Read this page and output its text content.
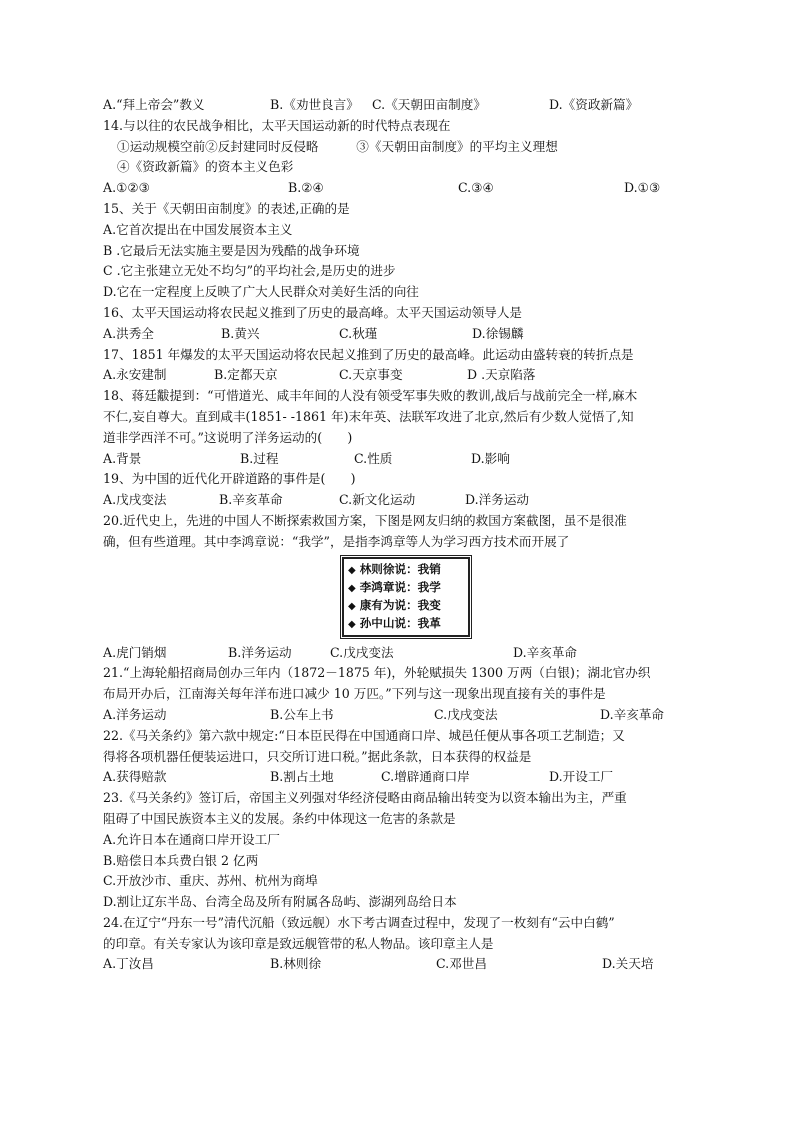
A.“拜上帝会”教义	B.《劝世良言》 C.《天朝田亩制度》	D.《资政新篇》
14.与以往的农民战争相比，太平天国运动新的时代特点表现在
①运动规模空前②反封建同时反侵略　　　③《天朝田亩制度》的平均主义理想
④《资政新篇》的资本主义色彩
A.①②③	B.②④	C.③④	D.①③
15、关于《天朝田亩制度》的表述,正确的是
A.它首次提出在中国发展资本主义
B .它最后无法实施主要是因为残酷的战争环境
C .它主张建立无处不均匀”的平均社会,是历史的进步
D.它在一定程度上反映了广大人民群众对美好生活的向往
16、太平天国运动将农民起义推到了历史的最高峰。太平天国运动领导人是
A.洪秀全	B.黄兴	C.秋瑾	D.徐锡麟
17、1851 年爆发的太平天国运动将农民起义推到了历史的最高峰。此运动由盛转衰的转折点是
A.永安建制	B.定都天京	C.天京事变	D .天京陷落
18、蒋廷黻提到：“可惜道光、咸丰年间的人没有领受军事失败的教训,战后与战前完全一样,麻木
不仁,妄自尊大。直到咸丰(1851- -1861 年)末年英、法联军攻进了北京,然后有少数人觉悟了,知
道非学西洋不可。”这说明了洋务运动的(　　)
A.背景	B.过程	C.性质	D.影响
19、为中国的近代化开辟道路的事件是(　　)
A.戊戌变法	B.辛亥革命	C.新文化运动	D.洋务运动
20.近代史上，先进的中国人不断探索救国方案，下图是网友归纳的救国方案截图，虽不是很准
确，但有些道理。其中李鸿章说：“我学”，是指李鸿章等人为学习西方技术而开展了
◆ 林则徐说：我销
◆ 李鸿章说：我学
◆ 康有为说：我变
◆ 孙中山说：我革
A.虎门销烟	B.洋务运动	C.戊戌变法	D.辛亥革命
21.“上海轮船招商局创办三年内（1872－1875 年)，外轮赋损失 1300 万两（白银)；湖北官办织
布局开办后，江南海关每年洋布进口减少 10 万匹。”下列与这一现象出现直接有关的事件是
A.洋务运动	B.公车上书	C.戊戌变法	D.辛亥革命
22.《马关条约》第六款中规定:“日本臣民得在中国通商口岸、城邑任便从事各项工艺制造；又
得将各项机器任便装运进口，只交所订进口税。”据此条款，日本获得的权益是
A.获得赔款	B.割占土地	C.增辟通商口岸	D.开设工厂
23.《马关条约》签订后，帝国主义列强对华经济侵略由商品输出转变为以资本输出为主，严重
阻碍了中国民族资本主义的发展。条约中体现这一危害的条款是
A.允许日本在通商口岸开设工厂
B.赔偿日本兵费白银 2 亿两
C.开放沙市、重庆、苏州、杭州为商埠
D.割让辽东半岛、台湾全岛及所有附属各岛屿、澎湖列岛给日本
24.在辽宁“丹东一号”清代沉船（致远舰）水下考古调查过程中，发现了一枚刻有“云中白鹤”
的印章。有关专家认为该印章是致远舰管带的私人物品。该印章主人是
A.丁汝昌	B.林则徐	C.邓世昌	D.关天培
